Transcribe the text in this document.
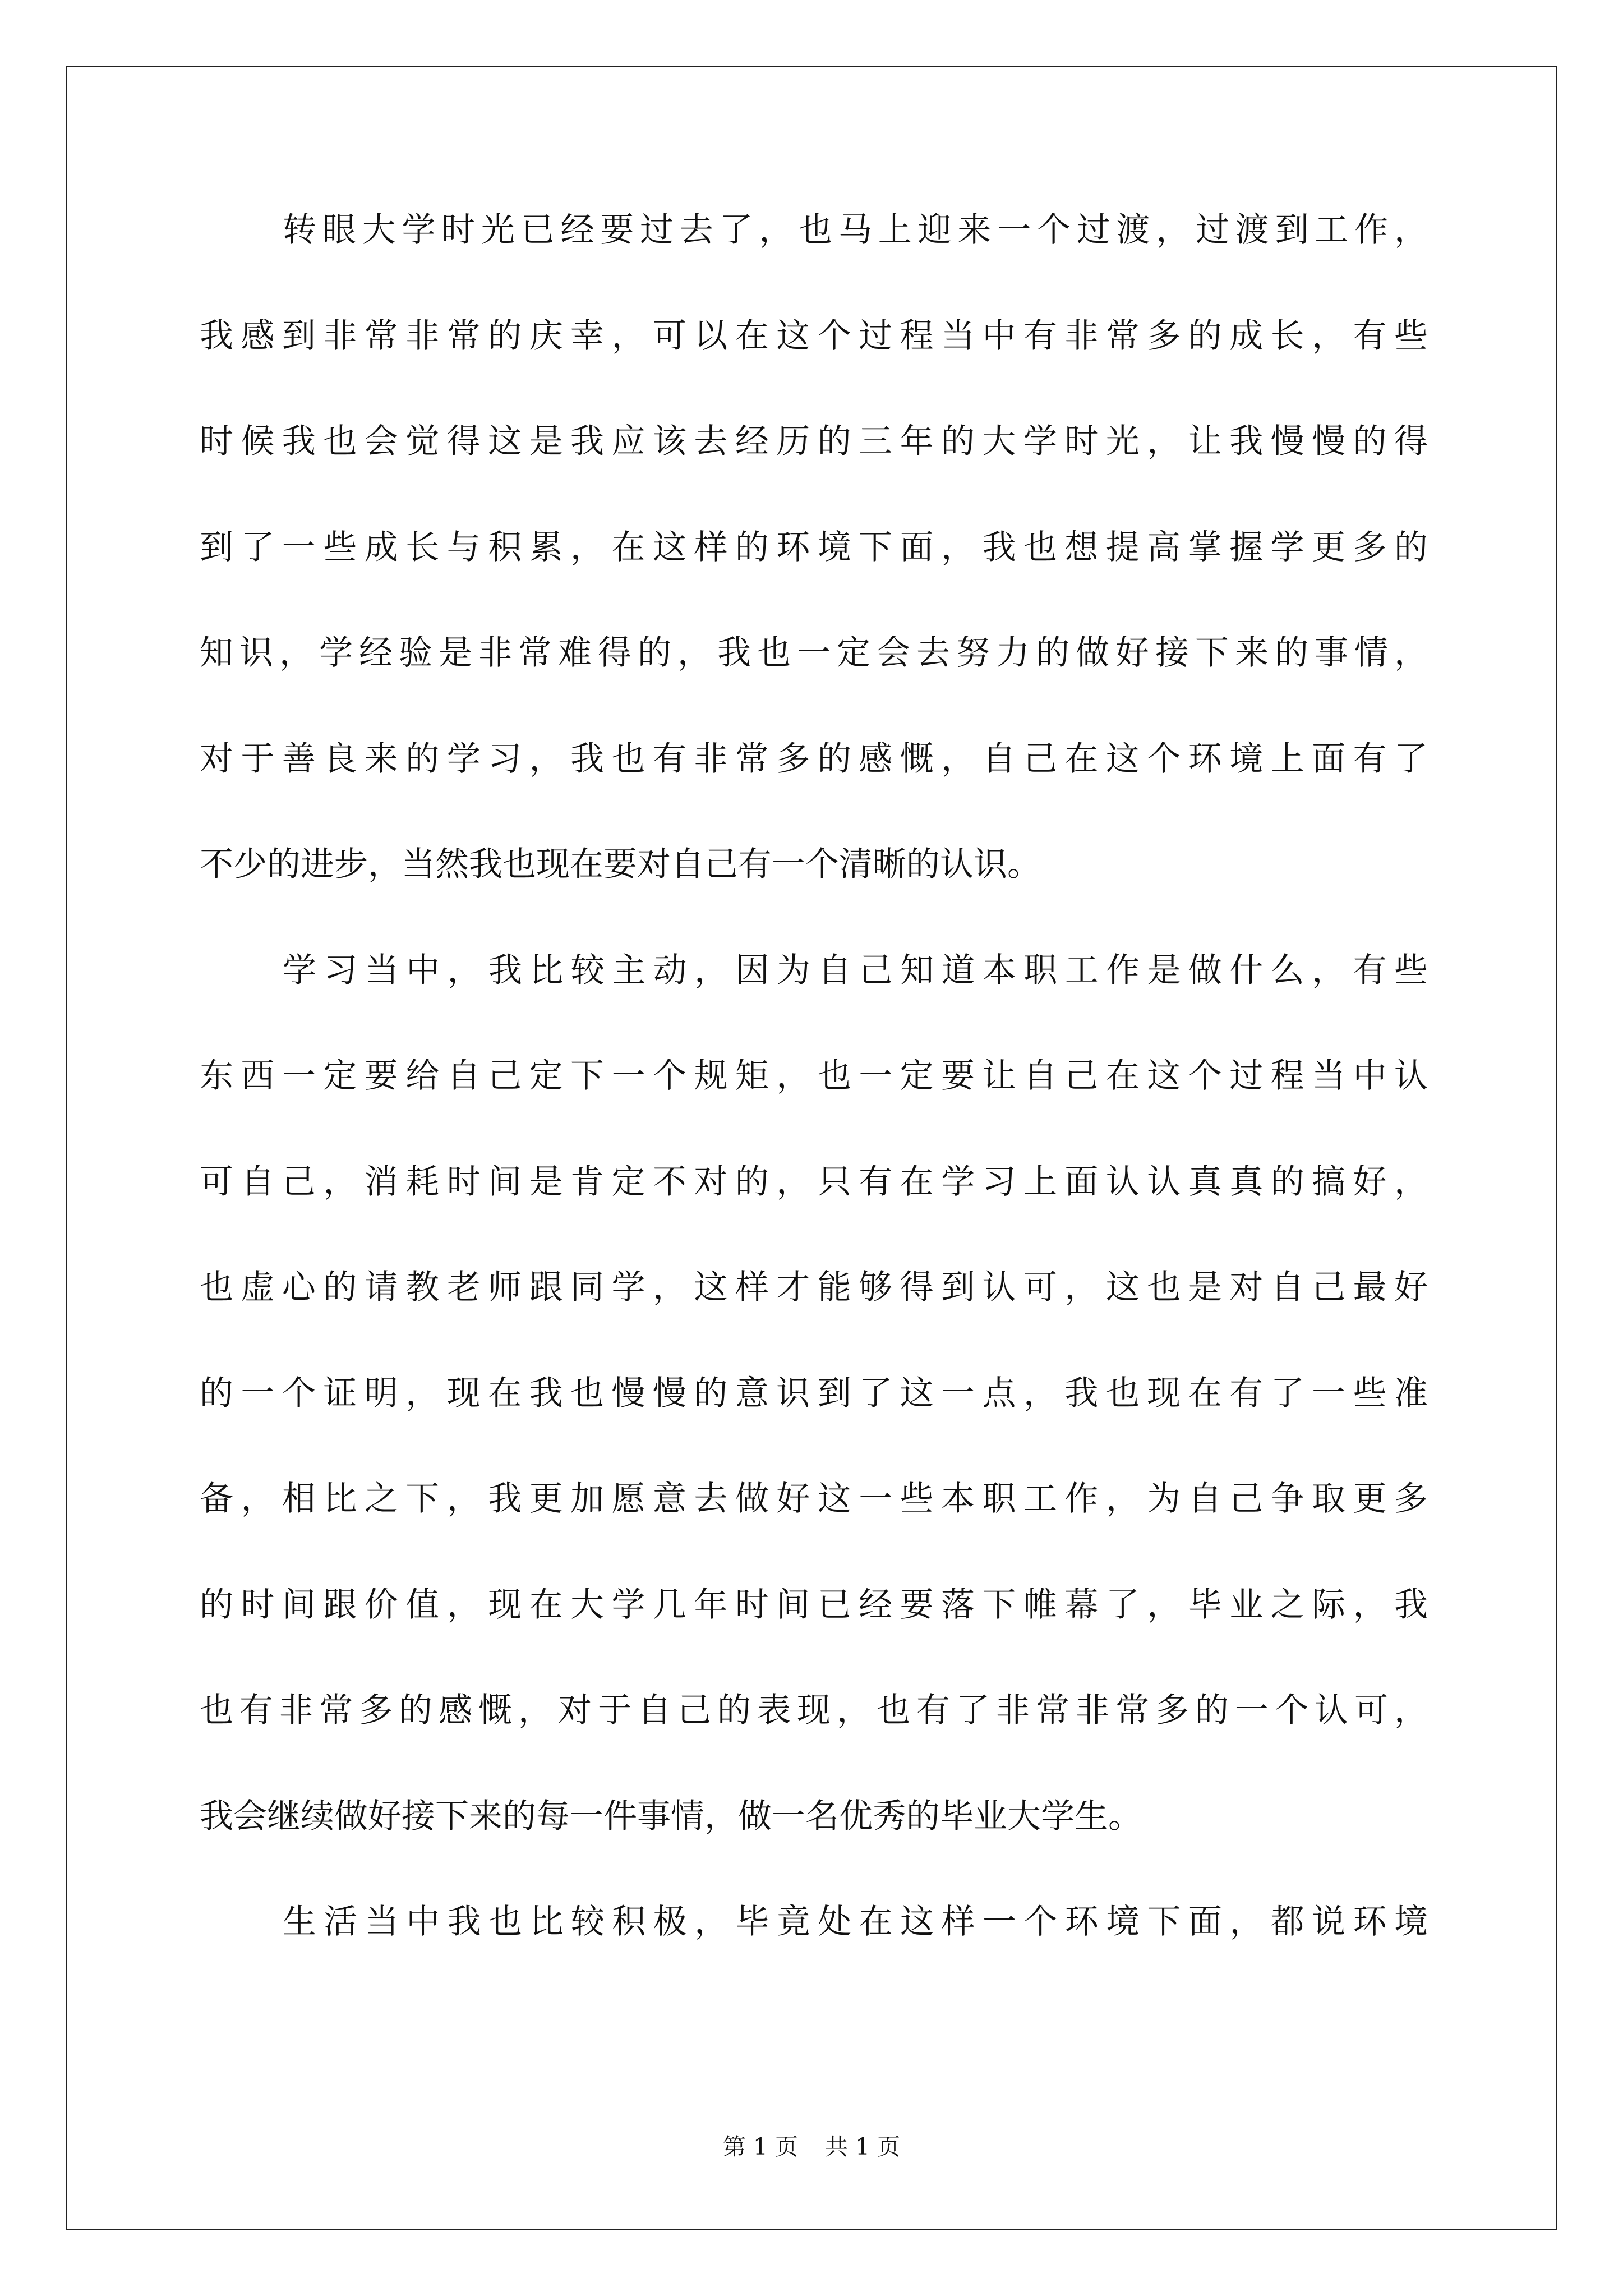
转眼大学时光已经要过去了，也马上迎来一个过渡，过渡到工作，
我感到非常非常的庆幸，可以在这个过程当中有非常多的成长，有些
时候我也会觉得这是我应该去经历的三年的大学时光，让我慢慢的得
到了一些成长与积累，在这样的环境下面，我也想提高掌握学更多的
知识，学经验是非常难得的，我也一定会去努力的做好接下来的事情，
对于善良来的学习，我也有非常多的感慨，自己在这个环境上面有了
不少的进步，当然我也现在要对自己有一个清晰的认识。
学习当中，我比较主动，因为自己知道本职工作是做什么，有些
东西一定要给自己定下一个规矩，也一定要让自己在这个过程当中认
可自己，消耗时间是肯定不对的，只有在学习上面认认真真的搞好，
也虚心的请教老师跟同学，这样才能够得到认可，这也是对自己最好
的一个证明，现在我也慢慢的意识到了这一点，我也现在有了一些准
备，相比之下，我更加愿意去做好这一些本职工作，为自己争取更多
的时间跟价值，现在大学几年时间已经要落下帷幕了，毕业之际，我
也有非常多的感慨，对于自己的表现，也有了非常非常多的一个认可，
我会继续做好接下来的每一件事情，做一名优秀的毕业大学生。
生活当中我也比较积极，毕竟处在这样一个环境下面，都说环境
第 1 页 共 1 页
